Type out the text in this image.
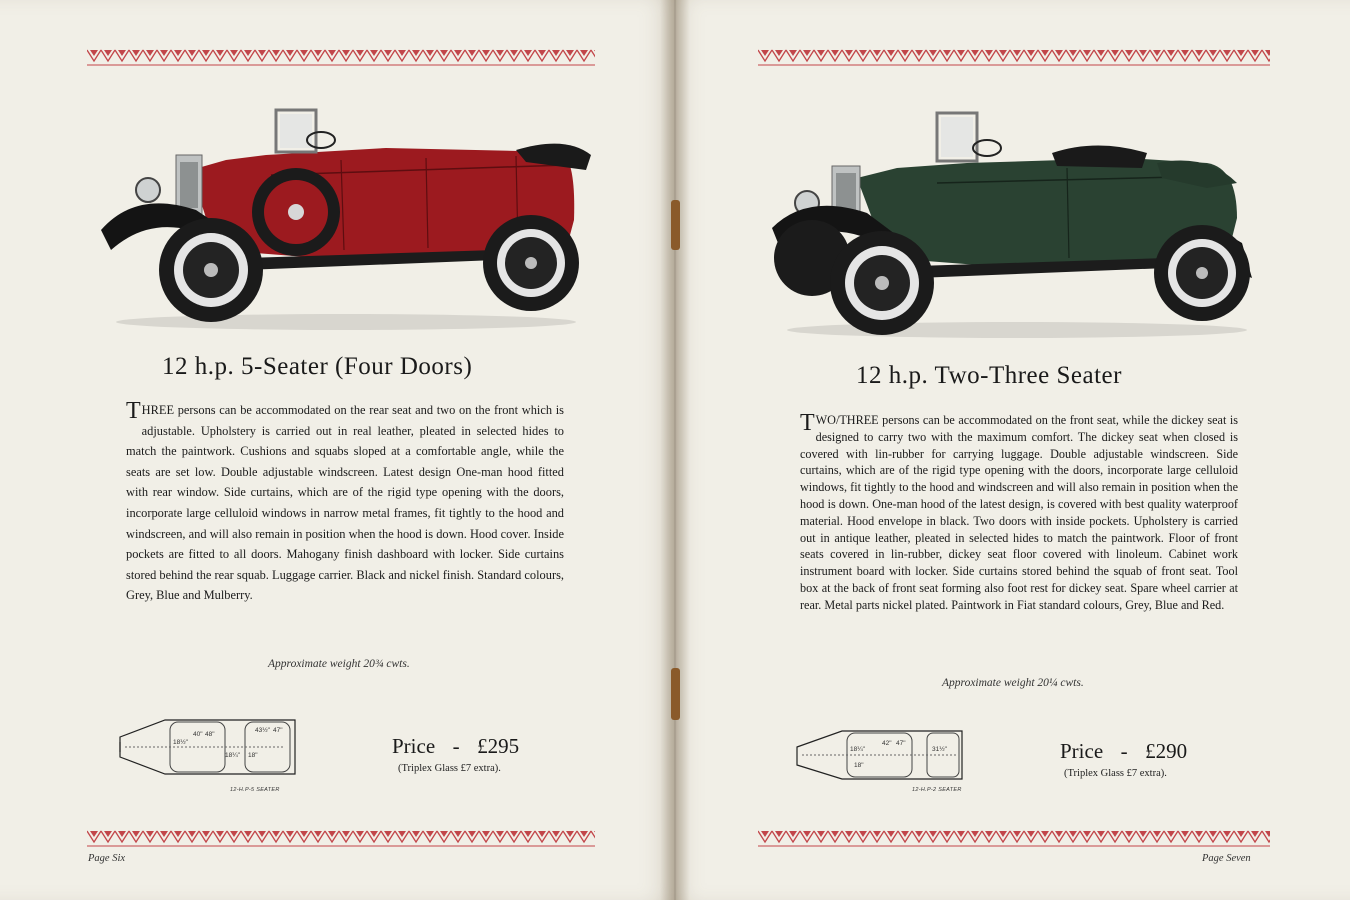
12 h.p. 5-Seater (Four Doors)
THREE persons can be accommodated on the rear seat and two on the front which is adjustable. Upholstery is carried out in real leather, pleated in selected hides to match the paintwork. Cushions and squabs sloped at a comfortable angle, while the seats are set low. Double adjustable windscreen. Latest design One-man hood fitted with rear window. Side curtains, which are of the rigid type opening with the doors, incorporate large celluloid windows in narrow metal frames, fit tightly to the hood and windscreen, and will also remain in position when the hood is down. Hood cover. Inside pockets are fitted to all doors. Mahogany finish dashboard with locker. Side curtains stored behind the rear squab. Luggage carrier. Black and nickel finish. Standard colours, Grey, Blue and Mulberry.
Approximate weight 20¾ cwts.
18½"
40" 48"
18¼" 18"
43½" 47"
12-H.P-5 SEATER
Price - £295
(Triplex Glass £7 extra).
Page Six
12 h.p. Two-Three Seater
TWO/THREE persons can be accommodated on the front seat, while the dickey seat is designed to carry two with the maximum comfort. The dickey seat when closed is covered with lin-rubber for carrying luggage. Double adjustable windscreen. Side curtains, which are of the rigid type opening with the doors, incorporate large celluloid windows, fit tightly to the hood and windscreen and will also remain in position when the hood is down. One-man hood of the latest design, is covered with best quality waterproof material. Hood envelope in black. Two doors with inside pockets. Upholstery is carried out in antique leather, pleated in selected hides to match the paintwork. Floor of front seats covered in lin-rubber, dickey seat floor covered with linoleum. Cabinet work instrument board with locker. Side curtains stored behind the squab of front seat. Tool box at the back of front seat forming also foot rest for dickey seat. Spare wheel carrier at rear. Metal parts nickel plated. Paintwork in Fiat standard colours, Grey, Blue and Red.
Approximate weight 20¼ cwts.
18¼"
42" 47"
18"
31½"
12-H.P-2 SEATER
Price - £290
(Triplex Glass £7 extra).
Page Seven
